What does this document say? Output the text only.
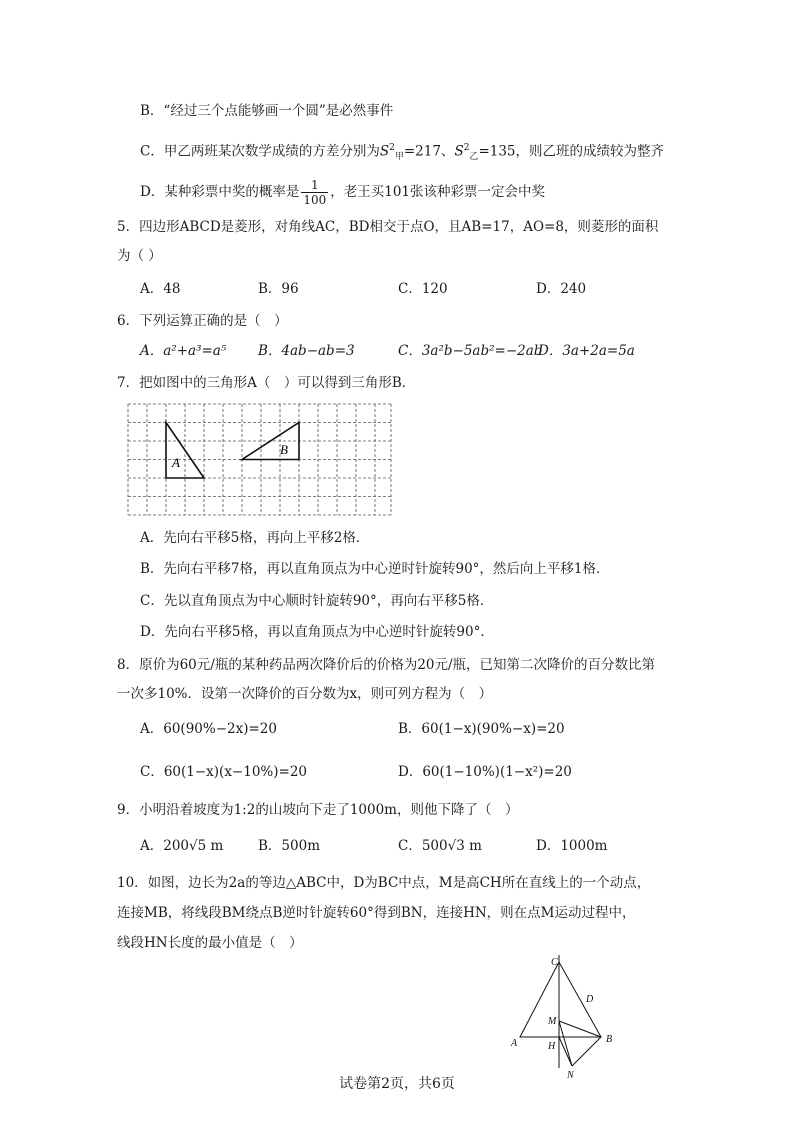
B．“经过三个点能够画一个圆”是必然事件
C．甲乙两班某次数学成绩的方差分别为$S^2_甲=217$、$S^2_乙=135$，则乙班的成绩较为整齐
D．某种彩票中奖的概率是 $\frac{1}{100}$ ，老王买101张该种彩票一定会中奖
5．四边形ABCD是菱形，对角线AC，BD相交于点O，且AB=17，AO=8，则菱形的面积
为（ ）
A．48	B．96	C．120	D．240
6．下列运算正确的是（　）
A．a²+a³=a⁵ B．4ab−ab=3	C．3a²b−5ab²=−2ab
D．3a+2a=5a
7．把如图中的三角形A（　）可以得到三角形B．
A
B
A．先向右平移5格，再向上平移2格．
B．先向右平移7格，再以直角顶点为中心逆时针旋转90°，然后向上平移1格．
C．先以直角顶点为中心顺时针旋转90°，再向右平移5格．
D．先向右平移5格，再以直角顶点为中心逆时针旋转90°．
8．原价为60元/瓶的某种药品两次降价后的价格为20元/瓶，已知第二次降价的百分数比第
一次多10%．设第一次降价的百分数为x，则可列方程为（　）
A．60(90%−2x)=20	B．60(1−x)(90%−x)=20
C．60(1−x)(x−10%)=20	D．60(1−10%)(1−x²)=20
9．小明沿着坡度为1:2的山坡向下走了1000m，则他下降了（　）
A．200√5 m	B．500m	C．500√3 m	D．1000m
10．如图，边长为2a的等边△ABC中，D为BC中点，M是高CH所在直线上的一个动点，
连接MB，将线段BM绕点B逆时针旋转60°得到BN，连接HN，则在点M运动过程中，
线段HN长度的最小值是（　）
C
D
M
A	H
B
N
试卷第2页，共6页
